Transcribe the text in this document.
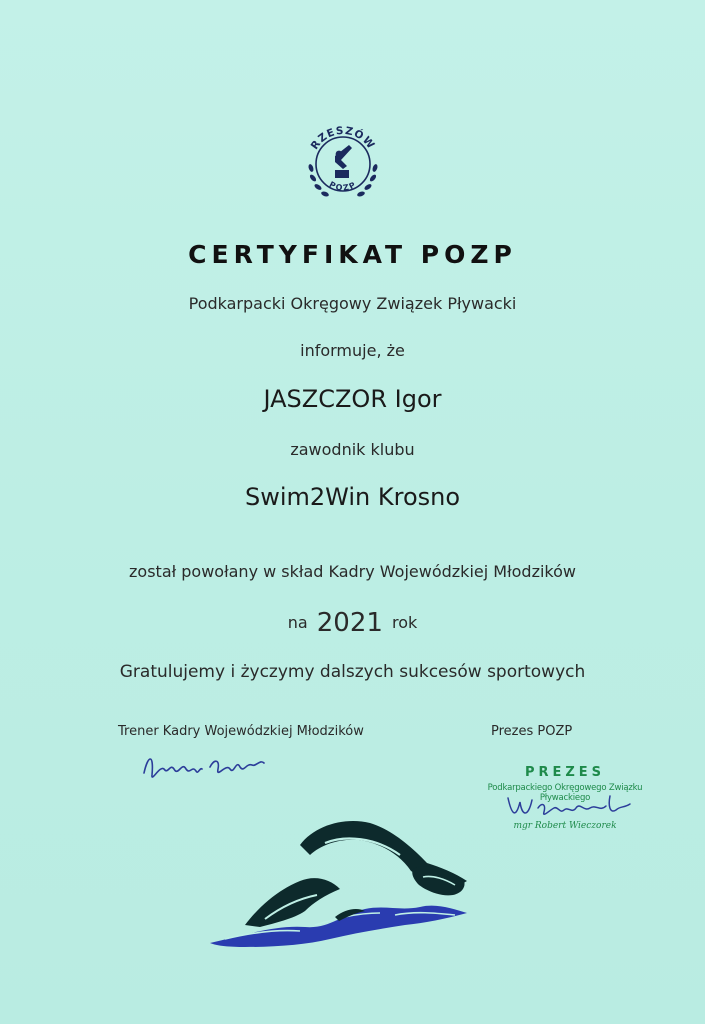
RZESZÓW
POZP
CERTYFIKAT POZP
Podkarpacki Okręgowy Związek Pływacki
informuje, że
JASZCZOR Igor
zawodnik klubu
Swim2Win Krosno
został powołany w skład Kadry Wojewódzkiej Młodzików
na 2021 rok
Gratulujemy i życzymy dalszych sukcesów sportowych
Trener Kadry Wojewódzkiej Młodzików	Prezes POZP
PREZES
Podkarpackiego Okręgowego Związku Pływackiego
mgr Robert Wieczorek
